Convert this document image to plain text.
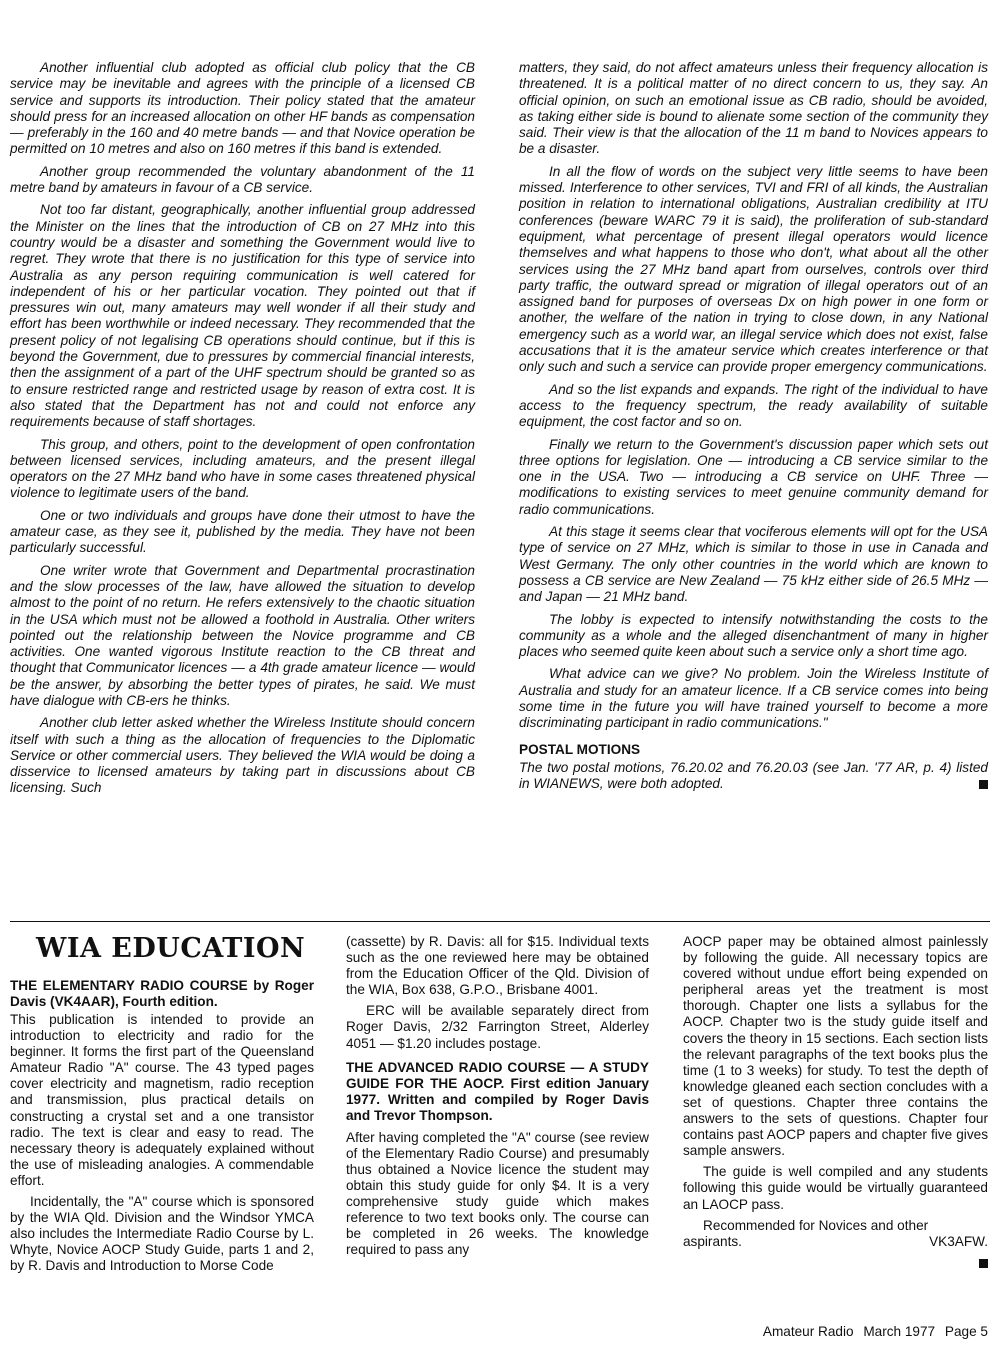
Another influential club adopted as official club policy that the CB service may be inevitable and agrees with the principle of a licensed CB service and supports its introduction. Their policy stated that the amateur should press for an increased allocation on other HF bands as compensation — preferably in the 160 and 40 metre bands — and that Novice operation be permitted on 10 metres and also on 160 metres if this band is extended.

Another group recommended the voluntary abandonment of the 11 metre band by amateurs in favour of a CB service.

Not too far distant, geographically, another influential group addressed the Minister on the lines that the introduction of CB on 27 MHz into this country would be a disaster and something the Government would live to regret. They wrote that there is no justification for this type of service into Australia as any person requiring communication is well catered for independent of his or her particular vocation. They pointed out that if pressures win out, many amateurs may well wonder if all their study and effort has been worthwhile or indeed necessary. They recommended that the present policy of not legalising CB operations should continue, but if this is beyond the Government, due to pressures by commercial financial interests, then the assignment of a part of the UHF spectrum should be granted so as to ensure restricted range and restricted usage by reason of extra cost. It is also stated that the Department has not and could not enforce any requirements because of staff shortages.

This group, and others, point to the development of open confrontation between licensed services, including amateurs, and the present illegal operators on the 27 MHz band who have in some cases threatened physical violence to legitimate users of the band.

One or two individuals and groups have done their utmost to have the amateur case, as they see it, published by the media. They have not been particularly successful.

One writer wrote that Government and Departmental procrastination and the slow processes of the law, have allowed the situation to develop almost to the point of no return. He refers extensively to the chaotic situation in the USA which must not be allowed a foothold in Australia. Other writers pointed out the relationship between the Novice programme and CB activities. One wanted vigorous Institute reaction to the CB threat and thought that Communicator licences — a 4th grade amateur licence — would be the answer, by absorbing the better types of pirates, he said. We must have dialogue with CB-ers he thinks.

Another club letter asked whether the Wireless Institute should concern itself with such a thing as the allocation of frequencies to the Diplomatic Service or other commercial users. They believed the WIA would be doing a disservice to licensed amateurs by taking part in discussions about CB licensing. Such

matters, they said, do not affect amateurs unless their frequency allocation is threatened. It is a political matter of no direct concern to us, they say. An official opinion, on such an emotional issue as CB radio, should be avoided, as taking either side is bound to alienate some section of the community they said. Their view is that the allocation of the 11 m band to Novices appears to be a disaster.

In all the flow of words on the subject very little seems to have been missed. Interference to other services, TVI and FRI of all kinds, the Australian position in relation to international obligations, Australian credibility at ITU conferences (beware WARC 79 it is said), the proliferation of sub-standard equipment, what percentage of present illegal operators would licence themselves and what happens to those who don't, what about all the other services using the 27 MHz band apart from ourselves, controls over third party traffic, the outward spread or migration of illegal operators out of an assigned band for purposes of overseas Dx on high power in one form or another, the welfare of the nation in trying to close down, in any National emergency such as a world war, an illegal service which does not exist, false accusations that it is the amateur service which creates interference or that only such and such a service can provide proper emergency communications.

And so the list expands and expands. The right of the individual to have access to the frequency spectrum, the ready availability of suitable equipment, the cost factor and so on.

Finally we return to the Government's discussion paper which sets out three options for legislation. One — introducing a CB service similar to the one in the USA. Two — introducing a CB service on UHF. Three — modifications to existing services to meet genuine community demand for radio communications.

At this stage it seems clear that vociferous elements will opt for the USA type of service on 27 MHz, which is similar to those in use in Canada and West Germany. The only other countries in the world which are known to possess a CB service are New Zealand — 75 kHz either side of 26.5 MHz — and Japan — 21 MHz band.

The lobby is expected to intensify notwithstanding the costs to the community as a whole and the alleged disenchantment of many in higher places who seemed quite keen about such a service only a short time ago.

What advice can we give? No problem. Join the Wireless Institute of Australia and study for an amateur licence. If a CB service comes into being some time in the future you will have trained yourself to become a more discriminating participant in radio communications."

POSTAL MOTIONS
The two postal motions, 76.20.02 and 76.20.03 (see Jan. '77 AR, p. 4) listed in WIANEWS, were both adopted.
WIA EDUCATION
THE ELEMENTARY RADIO COURSE by Roger Davis (VK4AAR), Fourth edition.

This publication is intended to provide an introduction to electricity and radio for the beginner. It forms the first part of the Queensland Amateur Radio "A" course. The 43 typed pages cover electricity and magnetism, radio reception and transmission, plus practical details on constructing a crystal set and a one transistor radio. The text is clear and easy to read. The necessary theory is adequately explained without the use of misleading analogies. A commendable effort.

Incidentally, the "A" course which is sponsored by the WIA Qld. Division and the Windsor YMCA also includes the Intermediate Radio Course by L. Whyte, Novice AOCP Study Guide, parts 1 and 2, by R. Davis and Introduction to Morse Code

(cassette) by R. Davis: all for $15. Individual texts such as the one reviewed here may be obtained from the Education Officer of the Qld. Division of the WIA, Box 638, G.P.O., Brisbane 4001.

ERC will be available separately direct from Roger Davis, 2/32 Farrington Street, Alderley 4051 — $1.20 includes postage.

THE ADVANCED RADIO COURSE — A STUDY GUIDE FOR THE AOCP. First edition January 1977. Written and compiled by Roger Davis and Trevor Thompson.

After having completed the "A" course (see review of the Elementary Radio Course) and presumably thus obtained a Novice licence the student may obtain this study guide for only $4. It is a very comprehensive study guide which makes reference to two text books only. The course can be completed in 26 weeks. The knowledge required to pass any

AOCP paper may be obtained almost painlessly by following the guide. All necessary topics are covered without undue effort being expended on peripheral areas yet the treatment is most thorough. Chapter one lists a syllabus for the AOCP. Chapter two is the study guide itself and covers the theory in 15 sections. Each section lists the relevant paragraphs of the text books plus the time (1 to 3 weeks) for study. To test the depth of knowledge gleaned each section concludes with a set of questions. Chapter three contains the answers to the sets of questions. Chapter four contains past AOCP papers and chapter five gives sample answers.

The guide is well compiled and any students following this guide would be virtually guaranteed an LAOCP pass.

Recommended for Novices and other aspirants.	VK3AFW.

Amateur Radio March 1977 Page 5
